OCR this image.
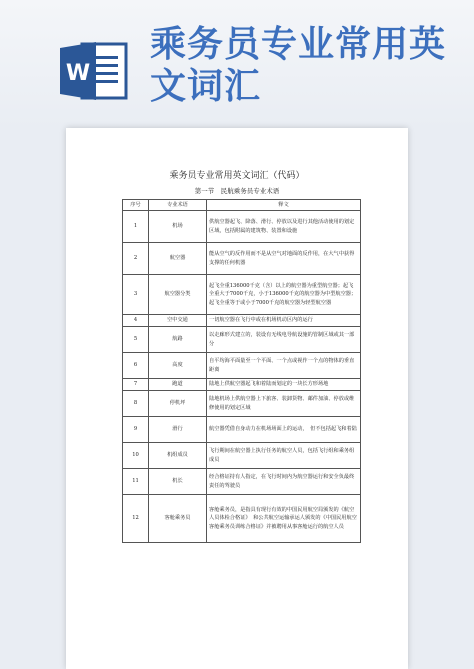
W
乘务员专业常用英文词汇
乘务员专业常用英文词汇（代码）
第一节　民航乘务员专业术语
序号	专业术语	释文
1	机场	供航空器起飞、降落、滑行、停放以及进行其他活动使用的划定区域，包括附属的建筑物、装置和设施
2	航空器	能从空气的反作用而不是从空气对地面的反作用，在大气中获得支撑的任何机器
3	航空器分类	起飞全重136000千克（含）以上的航空器为重型航空器；起飞全重大于7000千克，小于136000千克的航空器为中型航空器；起飞全重等于或小于7000千克的航空器为轻型航空器
4	空中交通	一切航空器在飞行中或在机场机动区内的运行
5	航路	以走廊形式建立的，装设有无线电导航设施的管制区域或其一部分
6	高度	自平均海平面量至一个平面、一个点或视作一个点的物体的垂直距离
7	跑道	陆地上供航空器起飞和着陆而划定的一块长方形场地
8	停机坪	陆地机场上供航空器上下旅客、装卸货物、邮件加油、停放或维修使用的划定区域
9	滑行	航空器凭借自身动力在机场场面上的运动，　但不包括起飞和着陆
10	机组成员	飞行期间在航空器上执行任务的航空人员，包括飞行组和乘务组成员
11	机长	经合格证持有人指定，在飞行时间内为航空器运行和安全负最终责任的驾驶员
12	客舱乘务员	客舱乘务员，是指具有现行有效的中国民用航空局颁发的《航空人员体检合格证》　和公共航空运输承运人颁发的《中国民用航空客舱乘务员训练合格证》并被聘用从事客舱运行的航空人员
